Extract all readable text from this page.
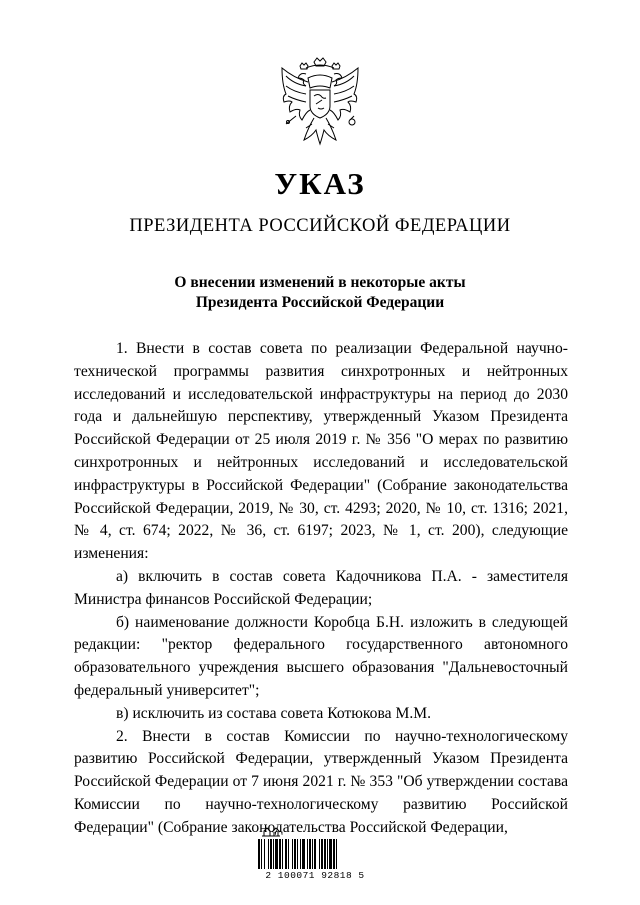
УКАЗ
ПРЕЗИДЕНТА РОССИЙСКОЙ ФЕДЕРАЦИИ
О внесении изменений в некоторые акты
Президента Российской Федерации

1. Внести в состав совета по реализации Федеральной научно-технической программы развития синхротронных и нейтронных исследований и исследовательской инфраструктуры на период до 2030 года и дальнейшую перспективу, утвержденный Указом Президента Российской Федерации от 25 июля 2019 г. № 356 "О мерах по развитию синхротронных и нейтронных исследований и исследовательской инфраструктуры в Российской Федерации" (Собрание законодательства Российской Федерации, 2019, № 30, ст. 4293; 2020, № 10, ст. 1316; 2021, № 4, ст. 674; 2022, № 36, ст. 6197; 2023, № 1, ст. 200), следующие изменения:

а) включить в состав совета Кадочникова П.А. - заместителя Министра финансов Российской Федерации;

б) наименование должности Коробца Б.Н. изложить в следующей редакции: "ректор федерального государственного автономного образовательного учреждения высшего образования "Дальневосточный федеральный университет";

в) исключить из состава совета Котюкова М.М.

2. Внести в состав Комиссии по научно-технологическому развитию Российской Федерации, утвержденный Указом Президента Российской Федерации от 7 июня 2021 г. № 353 "Об утверждении состава Комиссии по научно-технологическому развитию Российской Федерации" (Собрание законодательства Российской Федерации,

2 100071 92818 5
